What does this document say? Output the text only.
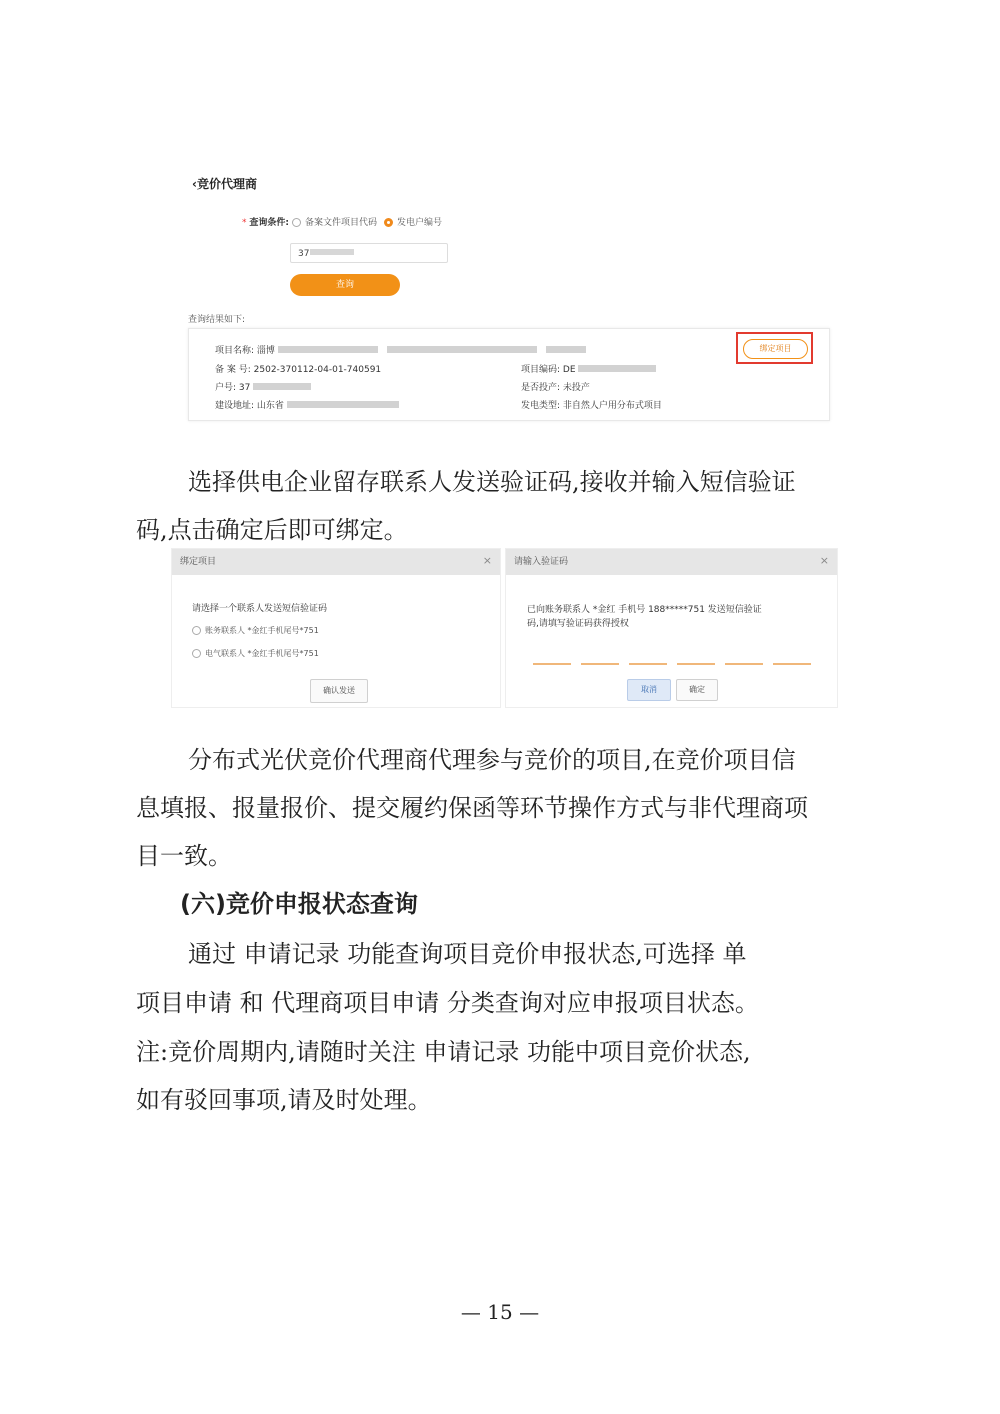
‹竞价代理商
* 查询条件:	备案文件项目代码	发电户编号
37
查询
查询结果如下:
项目名称: 淄博
备 案 号: 2502-370112-04-01-740591
户号: 37
建设地址: 山东省
项目编码: DE
是否投产: 未投产
发电类型: 非自然人户用分布式项目
绑定项目
选择供电企业留存联系人发送验证码,接收并输入短信验证
码,点击确定后即可绑定。
绑定项目	×
请选择一个联系人发送短信验证码
账务联系人 *金红手机尾号*751
电气联系人 *金红手机尾号*751
确认发送
请输入验证码	×
已向账务联系人 *金红 手机号 188*****751 发送短信验证
码,请填写验证码获得授权
取消	确定
分布式光伏竞价代理商代理参与竞价的项目,在竞价项目信
息填报、报量报价、提交履约保函等环节操作方式与非代理商项
目一致。
(六)竞价申报状态查询
通过 申请记录 功能查询项目竞价申报状态,可选择 单
项目申请 和 代理商项目申请 分类查询对应申报项目状态。
注:竞价周期内,请随时关注 申请记录 功能中项目竞价状态,
如有驳回事项,请及时处理。
— 15 —
